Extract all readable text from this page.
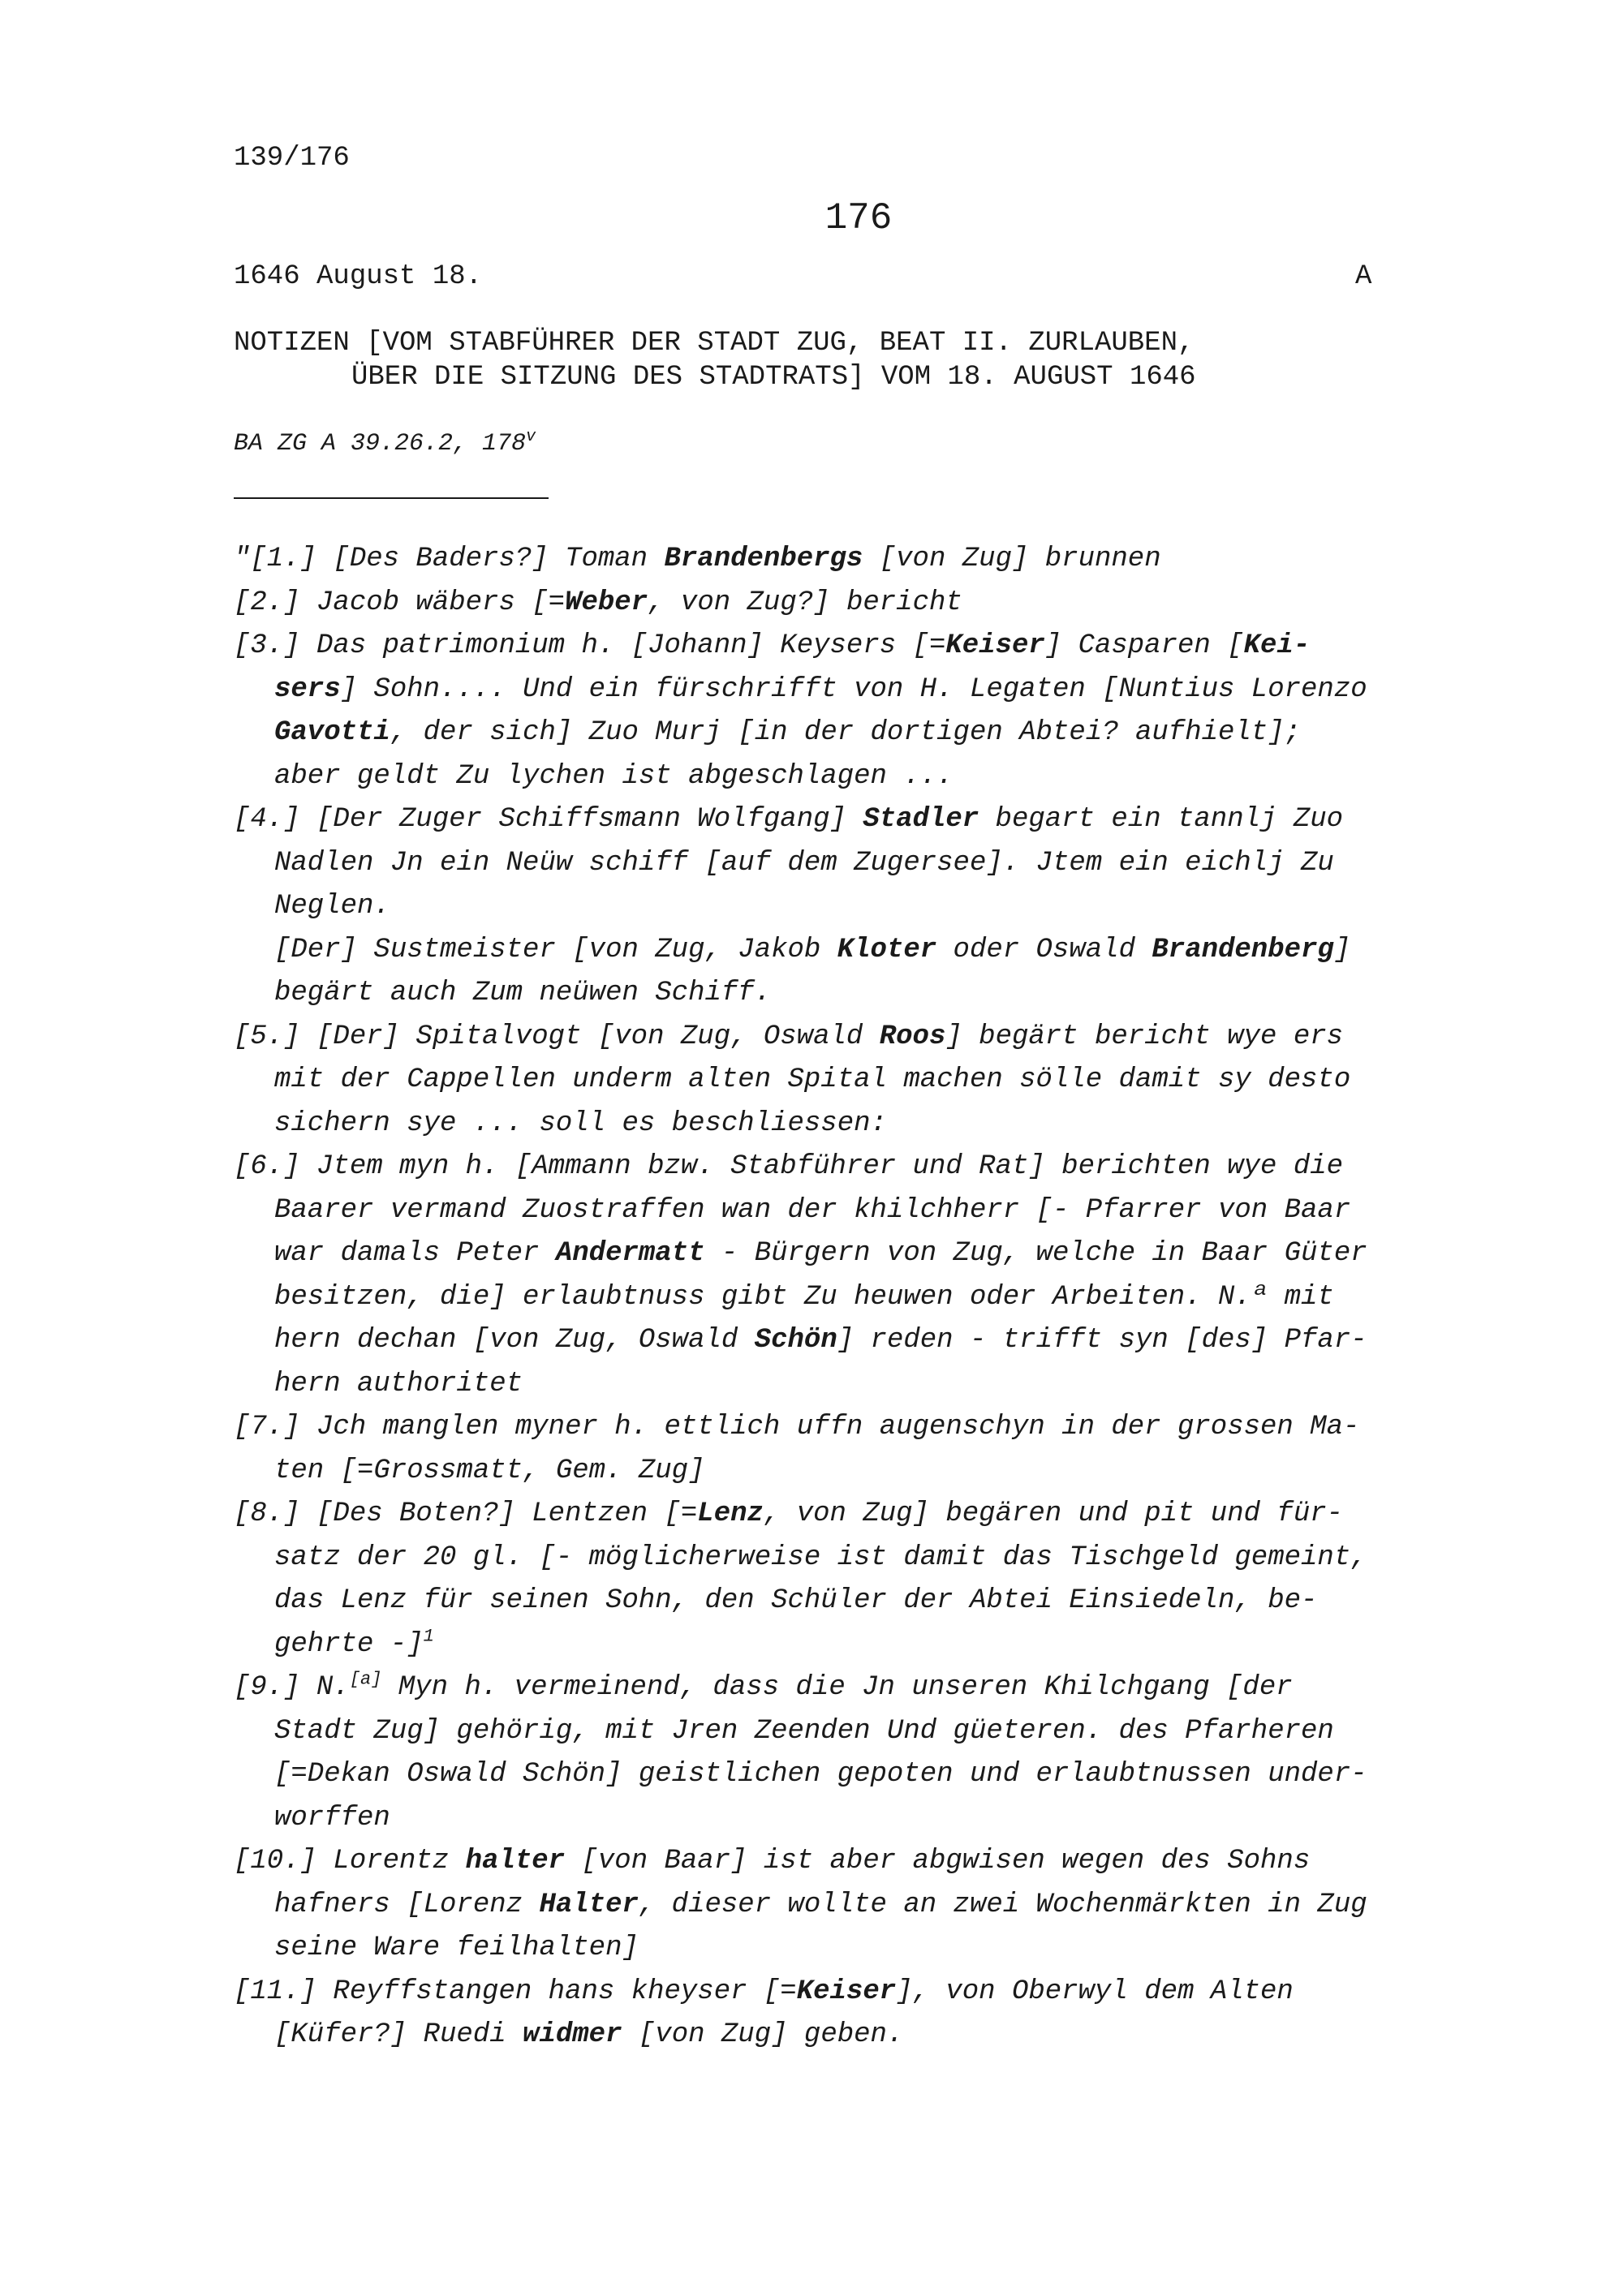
139/176
176
1646 August 18.	A
NOTIZEN [VOM STABFÜHRER DER STADT ZUG, BEAT II. ZURLAUBEN,
ÜBER DIE SITZUNG DES STADTRATS] VOM 18. AUGUST 1646
BA ZG A 39.26.2, 178$^v$
"[1.] [Des Baders?] Toman Brandenbergs [von Zug] brunnen
[2.] Jacob wäbers [=Weber, von Zug?] bericht
[3.] Das patrimonium h. [Johann] Keysers [=Keiser] Casparen [Kei-
sers] Sohn.... Und ein fürschrifft von H. Legaten [Nuntius Lorenzo
Gavotti, der sich] Zuo Murj [in der dortigen Abtei? aufhielt];
aber geldt Zu lychen ist abgeschlagen ...
[4.] [Der Zuger Schiffsmann Wolfgang] Stadler begart ein tannlj Zuo
Nadlen Jn ein Neüw schiff [auf dem Zugersee]. Jtem ein eichlj Zu
Neglen.
[Der] Sustmeister [von Zug, Jakob Kloter oder Oswald Brandenberg]
begärt auch Zum neüwen Schiff.
[5.] [Der] Spitalvogt [von Zug, Oswald Roos] begärt bericht wye ers
mit der Cappellen underm alten Spital machen sölle damit sy desto
sichern sye ... soll es beschliessen:
[6.] Jtem myn h. [Ammann bzw. Stabführer und Rat] berichten wye die
Baarer vermand Zuostraffen wan der khilchherr [- Pfarrer von Baar
war damals Peter Andermatt - Bürgern von Zug, welche in Baar Güter
besitzen, die] erlaubtnuss gibt Zu heuwen oder Arbeiten. N.ª mit
hern dechan [von Zug, Oswald Schön] reden - trifft syn [des] Pfar-
hern authoritet
[7.] Jch manglen myner h. ettlich uffn augenschyn in der grossen Ma-
ten [=Grossmatt, Gem. Zug]
[8.] [Des Boten?] Lentzen [=Lenz, von Zug] begären und pit und für-
satz der 20 gl. [- möglicherweise ist damit das Tischgeld gemeint,
das Lenz für seinen Sohn, den Schüler der Abtei Einsiedeln, be-
gehrte -]$^1$
[9.] N.[a] Myn h. vermeinend, dass die Jn unseren Khilchgang [der
Stadt Zug] gehörig, mit Jren Zeenden Und güeteren. des Pfarheren
[=Dekan Oswald Schön] geistlichen gepoten und erlaubtnussen under-
worffen
[10.] Lorentz halter [von Baar] ist aber abgwisen wegen des Sohns
hafners [Lorenz Halter, dieser wollte an zwei Wochenmärkten in Zug
seine Ware feilhalten]
[11.] Reyffstangen hans kheyser [=Keiser], von Oberwyl dem Alten
[Küfer?] Ruedi widmer [von Zug] geben.
